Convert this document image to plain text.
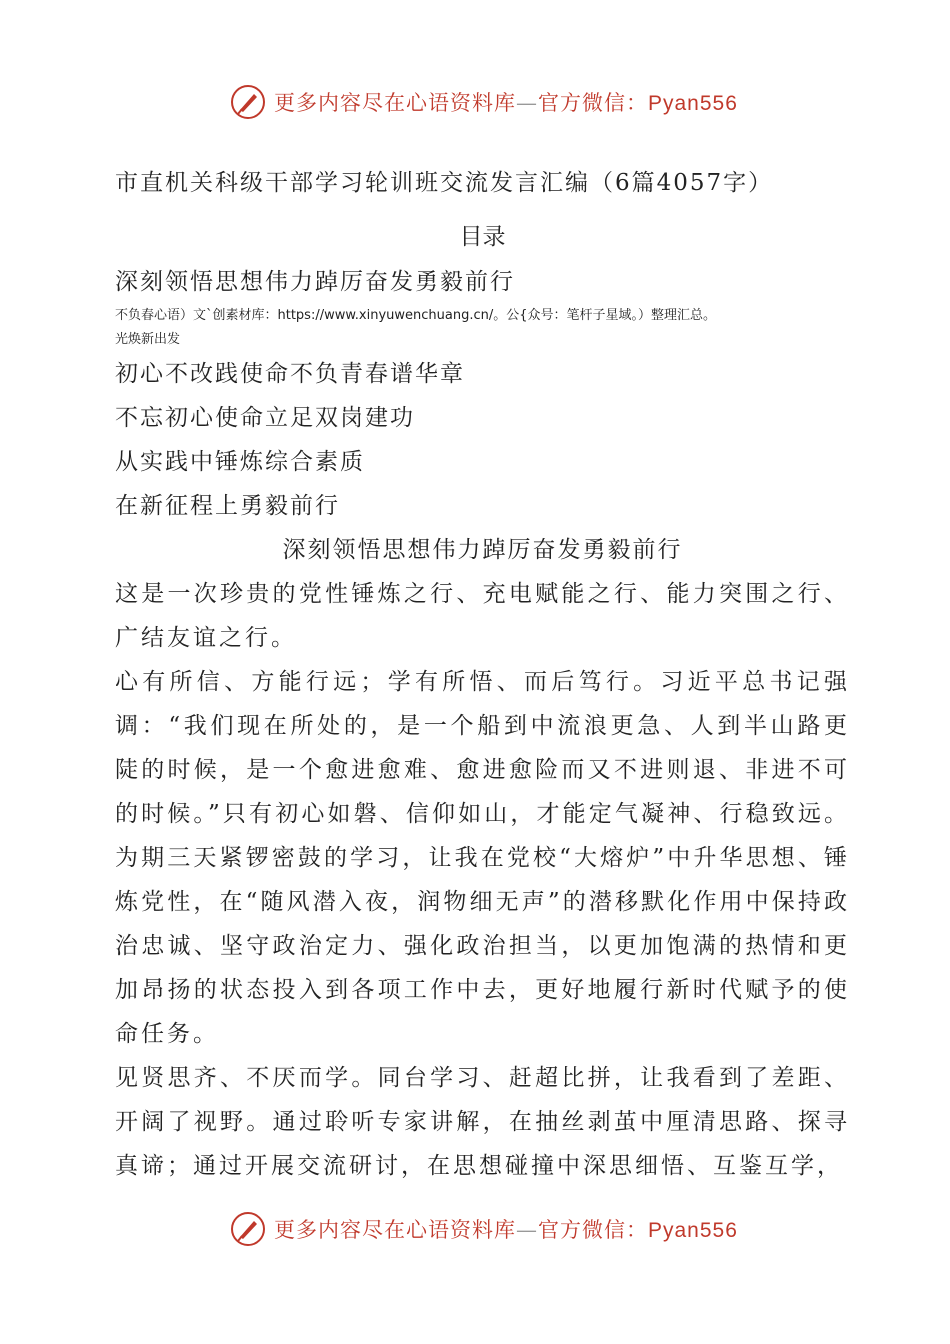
更多内容尽在心语资料库—官方微信：Pyan556
市直机关科级干部学习轮训班交流发言汇编（6篇4057字）
目录
深刻领悟思想伟力踔厉奋发勇毅前行
不负春心语）文`创素材库：https://www.xinyuwenchuang.cn/。公{众号：笔杆子星域。）整理汇总。
光焕新出发
初心不改践使命不负青春谱华章
不忘初心使命立足双岗建功
从实践中锤炼综合素质
在新征程上勇毅前行
深刻领悟思想伟力踔厉奋发勇毅前行

这是一次珍贵的党性锤炼之行、充电赋能之行、能力突围之行、广结友谊之行。

心有所信、方能行远；学有所悟、而后笃行。习近平总书记强调：“我们现在所处的，是一个船到中流浪更急、人到半山路更陡的时候，是一个愈进愈难、愈进愈险而又不进则退、非进不可的时候。”只有初心如磐、信仰如山，才能定气凝神、行稳致远。为期三天紧锣密鼓的学习，让我在党校“大熔炉”中升华思想、锤炼党性，在“随风潜入夜，润物细无声”的潜移默化作用中保持政治忠诚、坚守政治定力、强化政治担当，以更加饱满的热情和更加昂扬的状态投入到各项工作中去，更好地履行新时代赋予的使命任务。

见贤思齐、不厌而学。同台学习、赶超比拼，让我看到了差距、开阔了视野。通过聆听专家讲解，在抽丝剥茧中厘清思路、探寻真谛；通过开展交流研讨，在思想碰撞中深思细悟、互鉴互学，

更多内容尽在心语资料库—官方微信：Pyan556
